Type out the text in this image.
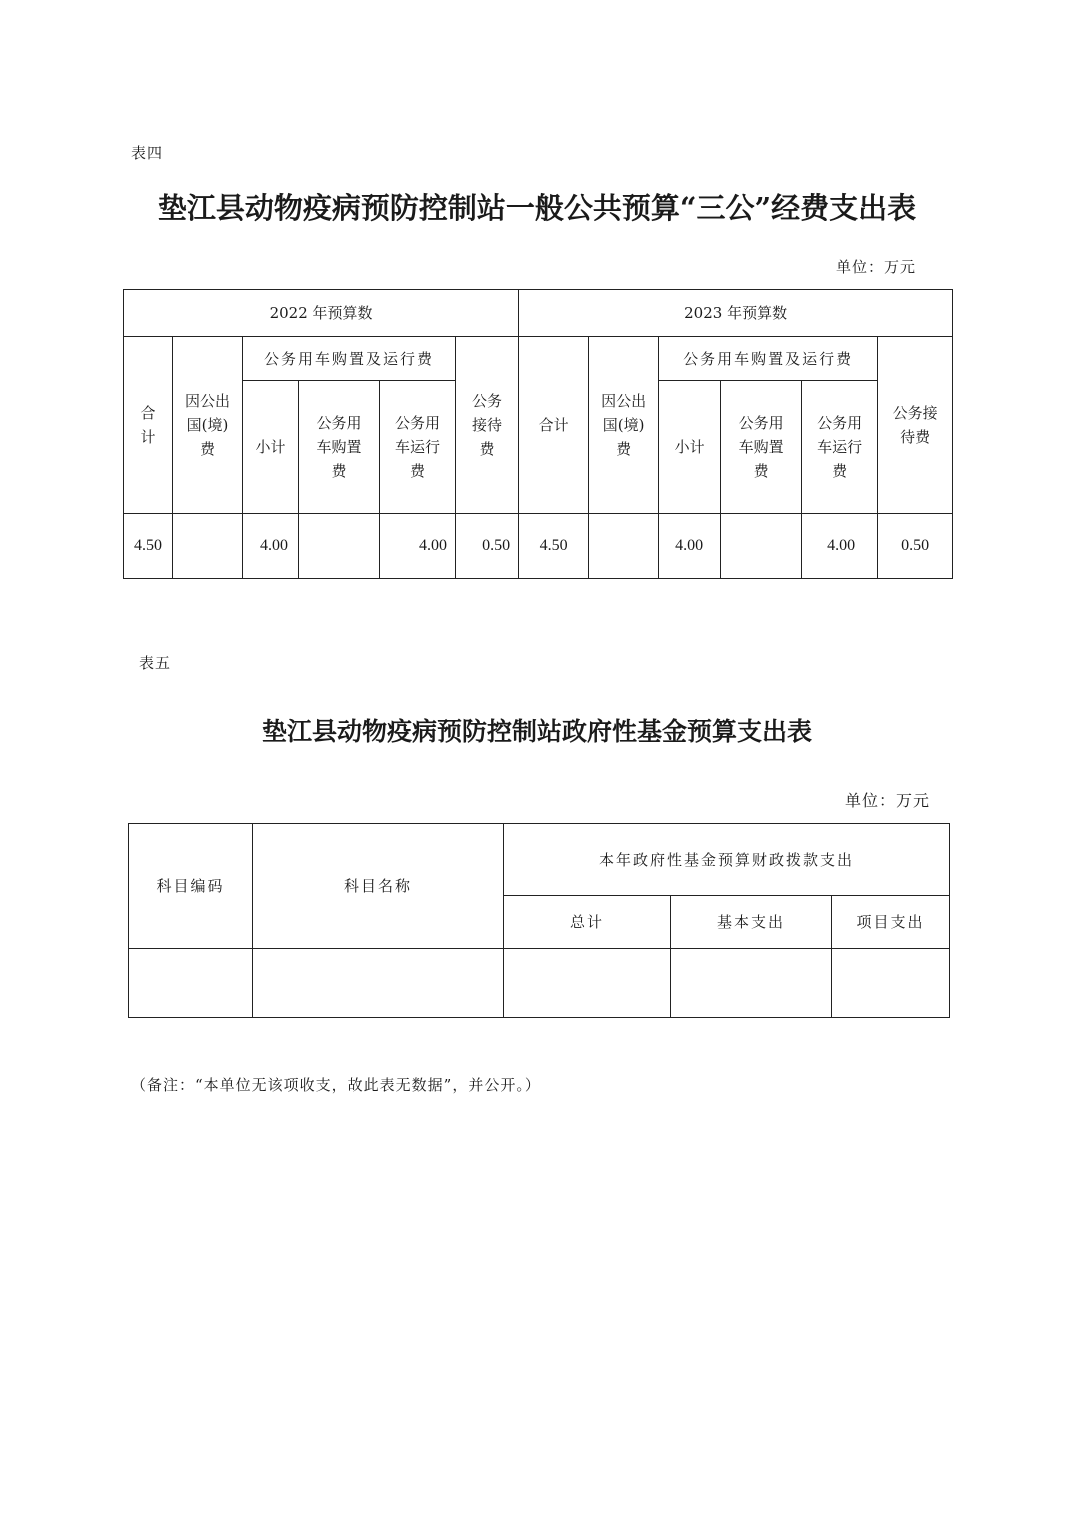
表四
垫江县动物疫病预防控制站一般公共预算“三公”经费支出表
单位：万元
2022 年预算数						2023 年预算数					

合计	因公出国(境)费	公务用车购置及运行费			公务接待费	合计	因公出国(境)费	公务用车购置及运行费			公务接待费

		小计	公务用车购置费	公务用车运行费				小计	公务用车购置费	公务用车运行费	

4.50		4.00		4.00	0.50	4.50		4.00		4.00	0.50
表五
垫江县动物疫病预防控制站政府性基金预算支出表
单位：万元
科目编码	科目名称	本年政府性基金预算财政拨款支出		
		总计	基本支出	项目支出

（备注：“本单位无该项收支，故此表无数据”，并公开。）
